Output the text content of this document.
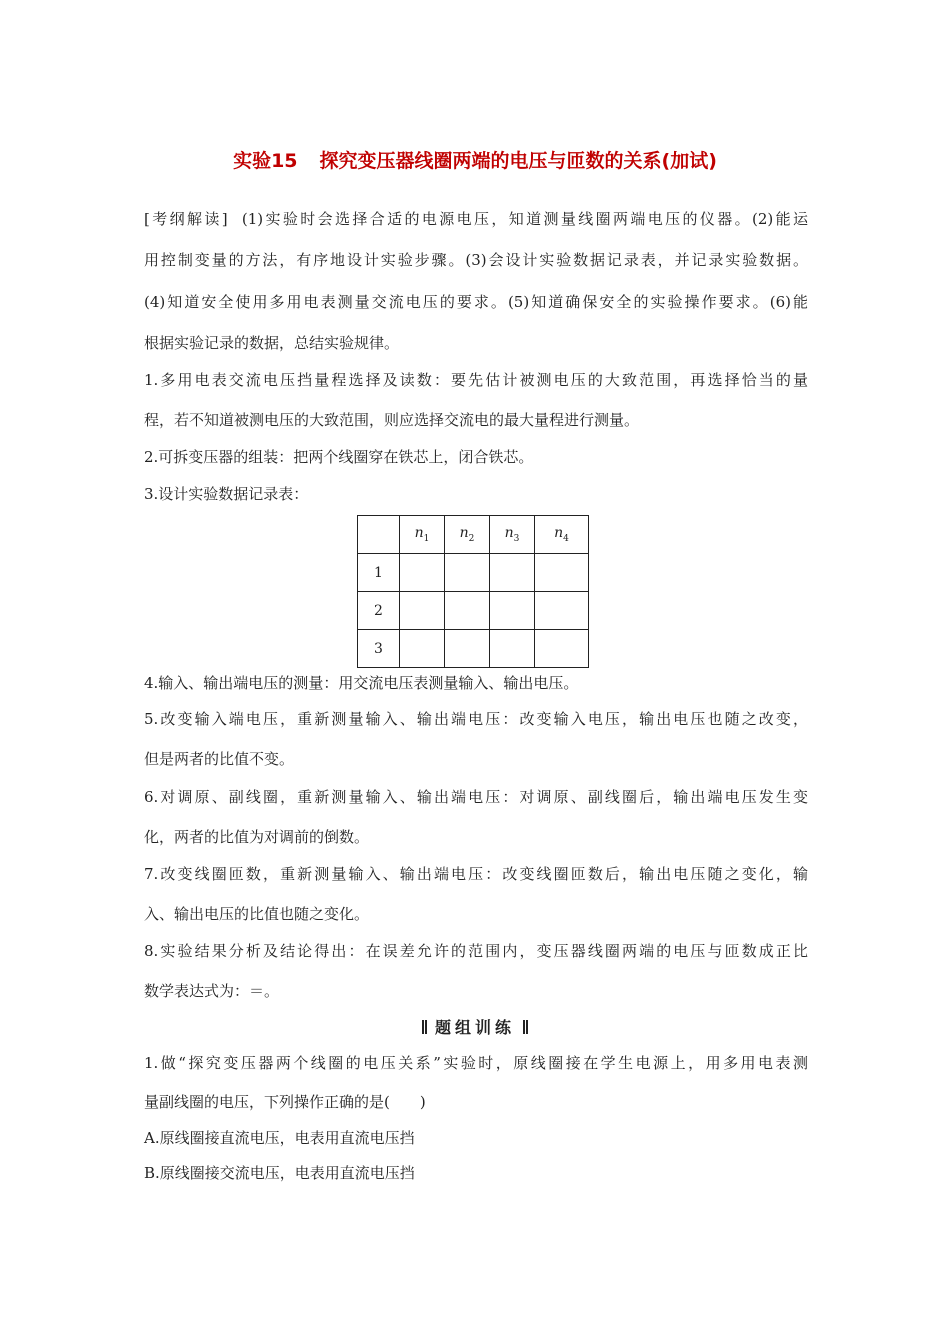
实验15 探究变压器线圈两端的电压与匝数的关系(加试)
[考纲解读] (1)实验时会选择合适的电源电压，知道测量线圈两端电压的仪器。(2)能运
用控制变量的方法，有序地设计实验步骤。(3)会设计实验数据记录表，并记录实验数据。
(4)知道安全使用多用电表测量交流电压的要求。(5)知道确保安全的实验操作要求。(6)能
根据实验记录的数据，总结实验规律。
1.多用电表交流电压挡量程选择及读数：要先估计被测电压的大致范围，再选择恰当的量
程，若不知道被测电压的大致范围，则应选择交流电的最大量程进行测量。
2.可拆变压器的组装：把两个线圈穿在铁芯上，闭合铁芯。
3.设计实验数据记录表：
	$n_1$	$n_2$	$n_3$	$n_4$
1				
2				
3				
4.输入、输出端电压的测量：用交流电压表测量输入、输出电压。
5.改变输入端电压，重新测量输入、输出端电压：改变输入电压，输出电压也随之改变，
但是两者的比值不变。
6.对调原、副线圈，重新测量输入、输出端电压：对调原、副线圈后，输出端电压发生变
化，两者的比值为对调前的倒数。
7.改变线圈匝数，重新测量输入、输出端电压：改变线圈匝数后，输出电压随之变化，输
入、输出电压的比值也随之变化。
8.实验结果分析及结论得出：在误差允许的范围内，变压器线圈两端的电压与匝数成正比
数学表达式为：＝。
题组训练
1.做“探究变压器两个线圈的电压关系”实验时，原线圈接在学生电源上，用多用电表测
量副线圈的电压，下列操作正确的是(　　)
A.原线圈接直流电压，电表用直流电压挡
B.原线圈接交流电压，电表用直流电压挡
